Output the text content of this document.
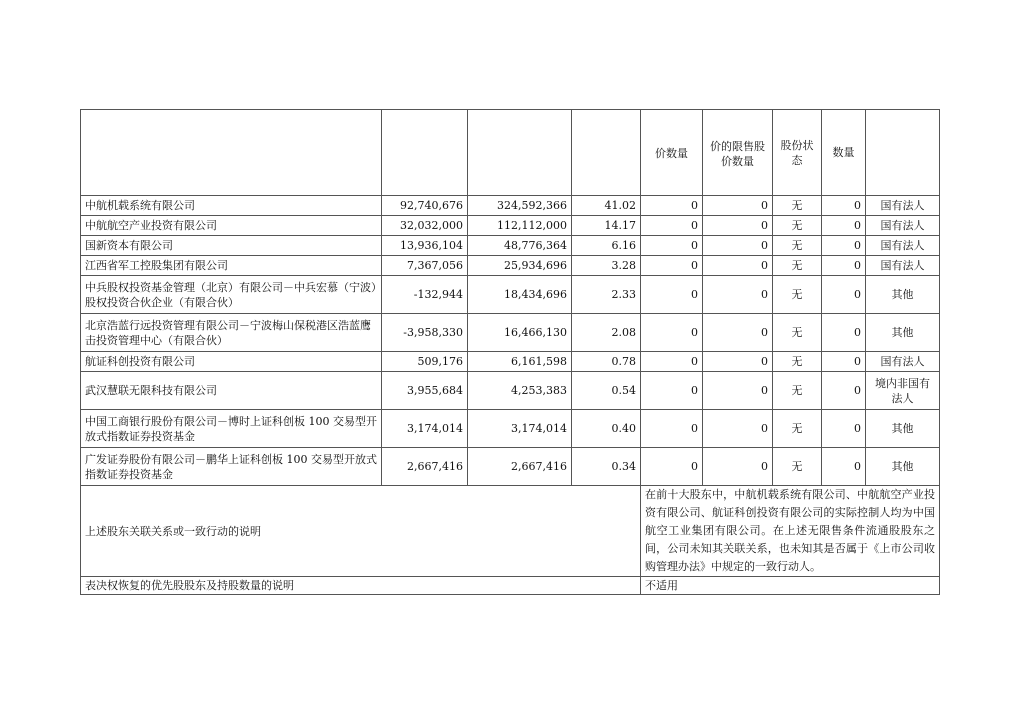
				价数量	价的限售股价数量	股份状态	数量	
中航机载系统有限公司	92,740,676	324,592,366	41.02	0	0	无	0	国有法人
中航航空产业投资有限公司	32,032,000	112,112,000	14.17	0	0	无	0	国有法人
国新资本有限公司	13,936,104	48,776,364	6.16	0	0	无	0	国有法人
江西省军工控股集团有限公司	7,367,056	25,934,696	3.28	0	0	无	0	国有法人
中兵股权投资基金管理（北京）有限公司－中兵宏慕（宁波）股权投资合伙企业（有限合伙）	-132,944	18,434,696	2.33	0	0	无	0	其他
北京浩蓝行远投资管理有限公司－宁波梅山保税港区浩蓝鹰击投资管理中心（有限合伙）	-3,958,330	16,466,130	2.08	0	0	无	0	其他
航证科创投资有限公司	509,176	6,161,598	0.78	0	0	无	0	国有法人
武汉慧联无限科技有限公司	3,955,684	4,253,383	0.54	0	0	无	0	境内非国有法人
中国工商银行股份有限公司－博时上证科创板 100 交易型开放式指数证券投资基金	3,174,014	3,174,014	0.40	0	0	无	0	其他
广发证券股份有限公司－鹏华上证科创板 100 交易型开放式指数证券投资基金	2,667,416	2,667,416	0.34	0	0	无	0	其他
上述股东关联关系或一致行动的说明				在前十大股东中，中航机载系统有限公司、中航航空产业投资有限公司、航证科创投资有限公司的实际控制人均为中国航空工业集团有限公司。在上述无限售条件流通股股东之间，公司未知其关联关系，也未知其是否属于《上市公司收购管理办法》中规定的一致行动人。				
表决权恢复的优先股股东及持股数量的说明				不适用				
